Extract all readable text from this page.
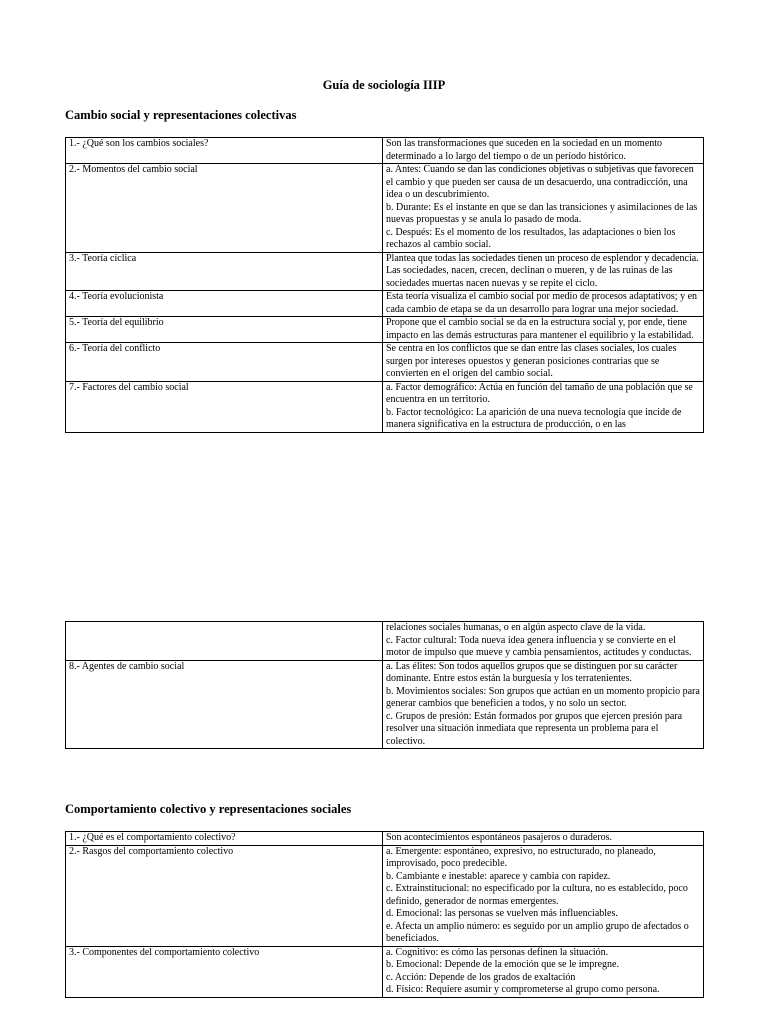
Guía de sociología IIIP
Cambio social y representaciones colectivas
1.- ¿Qué son los cambios sociales?	Son las transformaciones que suceden en la sociedad en un momento determinado a lo largo del tiempo o de un período histórico.

2.- Momentos del cambio social	a. Antes: Cuando se dan las condiciones objetivas o subjetivas que favorecen el cambio y que pueden ser causa de un desacuerdo, una contradicción, una idea o un descubrimiento.
b. Durante: Es el instante en que se dan las transiciones y asimilaciones de las nuevas propuestas y se anula lo pasado de moda.
c. Después: Es el momento de los resultados, las adaptaciones o bien los rechazos al cambio social.

3.- Teoría cíclica	Plantea que todas las sociedades tienen un proceso de esplendor y decadencia. Las sociedades, nacen, crecen, declinan o mueren, y de las ruinas de las sociedades muertas nacen nuevas y se repite el ciclo.

4.- Teoría evolucionista	Esta teoría visualiza el cambio social por medio de procesos adaptativos; y en cada cambio de etapa se da un desarrollo para lograr una mejor sociedad.

5.- Teoría del equilibrio	Propone que el cambio social se da en la estructura social y, por ende, tiene impacto en las demás estructuras para mantener el equilibrio y la estabilidad.

6.- Teoría del conflicto	Se centra en los conflictos que se dan entre las clases sociales, los cuales surgen por intereses opuestos y generan posiciones contrarias que se convierten en el origen del cambio social.

7.- Factores del cambio social	a. Factor demográfico: Actúa en función del tamaño de una población que se encuentra en un territorio.
b. Factor tecnológico: La aparición de una nueva tecnología que incide de manera significativa en la estructura de producción, o en las

	relaciones sociales humanas, o en algún aspecto clave de la vida.
c. Factor cultural: Toda nueva idea genera influencia y se convierte en el motor de impulso que mueve y cambia pensamientos, actitudes y conductas.

8.- Agentes de cambio social	a. Las élites: Son todos aquellos grupos que se distinguen por su carácter dominante. Entre estos están la burguesía y los terratenientes.
b. Movimientos sociales: Son grupos que actúan en un momento propicio para generar cambios que beneficien a todos, y no solo un sector.
c. Grupos de presión: Están formados por grupos que ejercen presión para resolver una situación inmediata que representa un problema para el colectivo.
Comportamiento colectivo y representaciones sociales
1.- ¿Qué es el comportamiento colectivo?	Son acontecimientos espontáneos pasajeros o duraderos.

2.- Rasgos del comportamiento colectivo	a. Emergente: espontáneo, expresivo, no estructurado, no planeado, improvisado, poco predecible.
b. Cambiante e inestable: aparece y cambia con rapidez.
c. Extrainstitucional: no especificado por la cultura, no es establecido, poco definido, generador de normas emergentes.
d. Emocional: las personas se vuelven más influenciables.
e. Afecta un amplio número: es seguido por un amplio grupo de afectados o beneficiados.

3.- Componentes del comportamiento colectivo	a. Cognitivo: es cómo las personas definen la situación.
b. Emocional: Depende de la emoción que se le impregne.
c. Acción: Depende de los grados de exaltación
d. Físico: Requiere asumir y comprometerse al grupo como persona.
